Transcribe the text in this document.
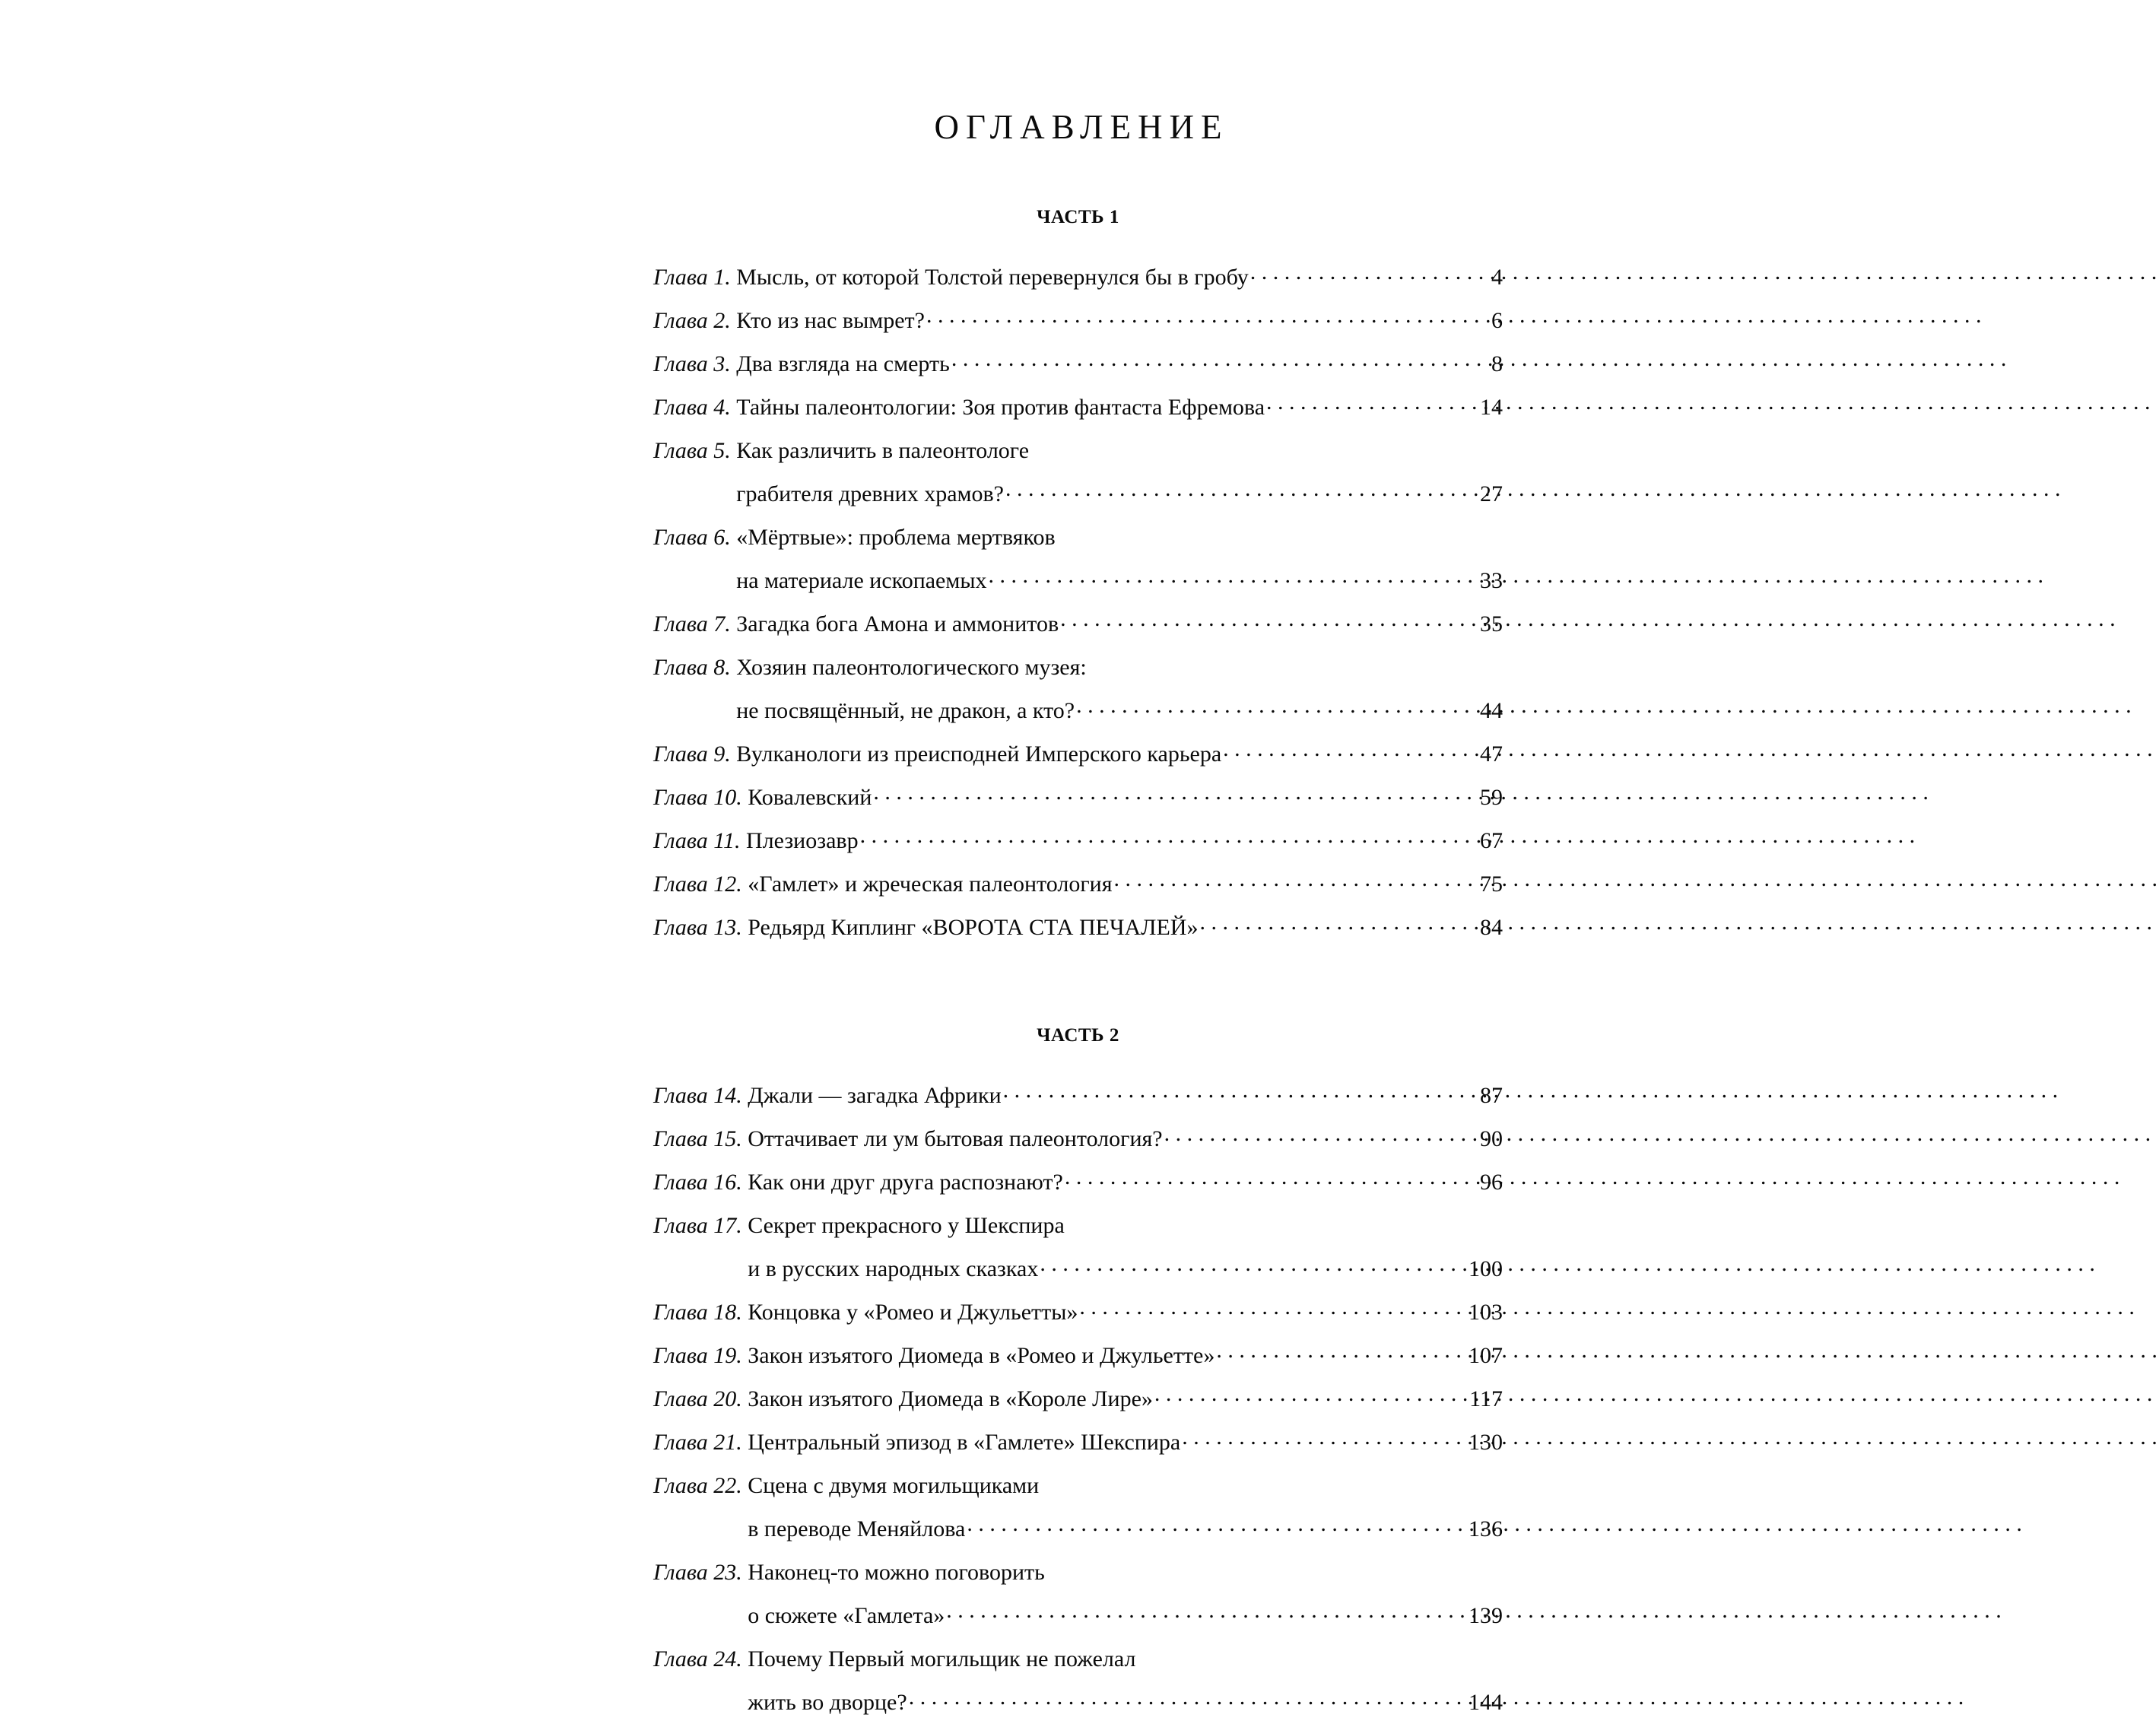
ОГЛАВЛЕНИЕ
ЧАСТЬ 1
Глава 1. Мысль, от которой Толстой перевернулся бы в гробу . . .	4
Глава 2. Кто из нас вымрет? . . .	6
Глава 3. Два взгляда на смерть . . .	8
Глава 4. Тайны палеонтологии: Зоя против фантаста Ефремова . . .	14
Глава 5. Как различить в палеонтологе
грабителя древних храмов? . . .	27
Глава 6. «Мёртвые»: проблема мертвяков
на материале ископаемых . . .	33
Глава 7. Загадка бога Амона и аммонитов . . .	35
Глава 8. Хозяин палеонтологического музея:
не посвящённый, не дракон, а кто? . . .	44
Глава 9. Вулканологи из преисподней Имперского карьера . . .	47
Глава 10. Ковалевский . . .	59
Глава 11. Плезиозавр . . .	67
Глава 12. «Гамлет» и жреческая палеонтология . . .	75
Глава 13. Редьярд Киплинг «ВОРОТА СТА ПЕЧАЛЕЙ» . . .	84
ЧАСТЬ 2
Глава 14. Джали — загадка Африки . . .	87
Глава 15. Оттачивает ли ум бытовая палеонтология? . . .	90
Глава 16. Как они друг друга распознают? . . .	96
Глава 17. Секрет прекрасного у Шекспира
и в русских народных сказках . . .	100
Глава 18. Концовка у «Ромео и Джульетты» . . .	103
Глава 19. Закон изъятого Диомеда в «Ромео и Джульетте» . . .	107
Глава 20. Закон изъятого Диомеда в «Короле Лире» . . .	117
Глава 21. Центральный эпизод в «Гамлете» Шекспира . . .	130
Глава 22. Сцена с двумя могильщиками
в переводе Меняйлова . . .	136
Глава 23. Наконец-то можно поговорить
о сюжете «Гамлета» . . .	139
Глава 24. Почему Первый могильщик не пожелал
жить во дворце? . . .	144
